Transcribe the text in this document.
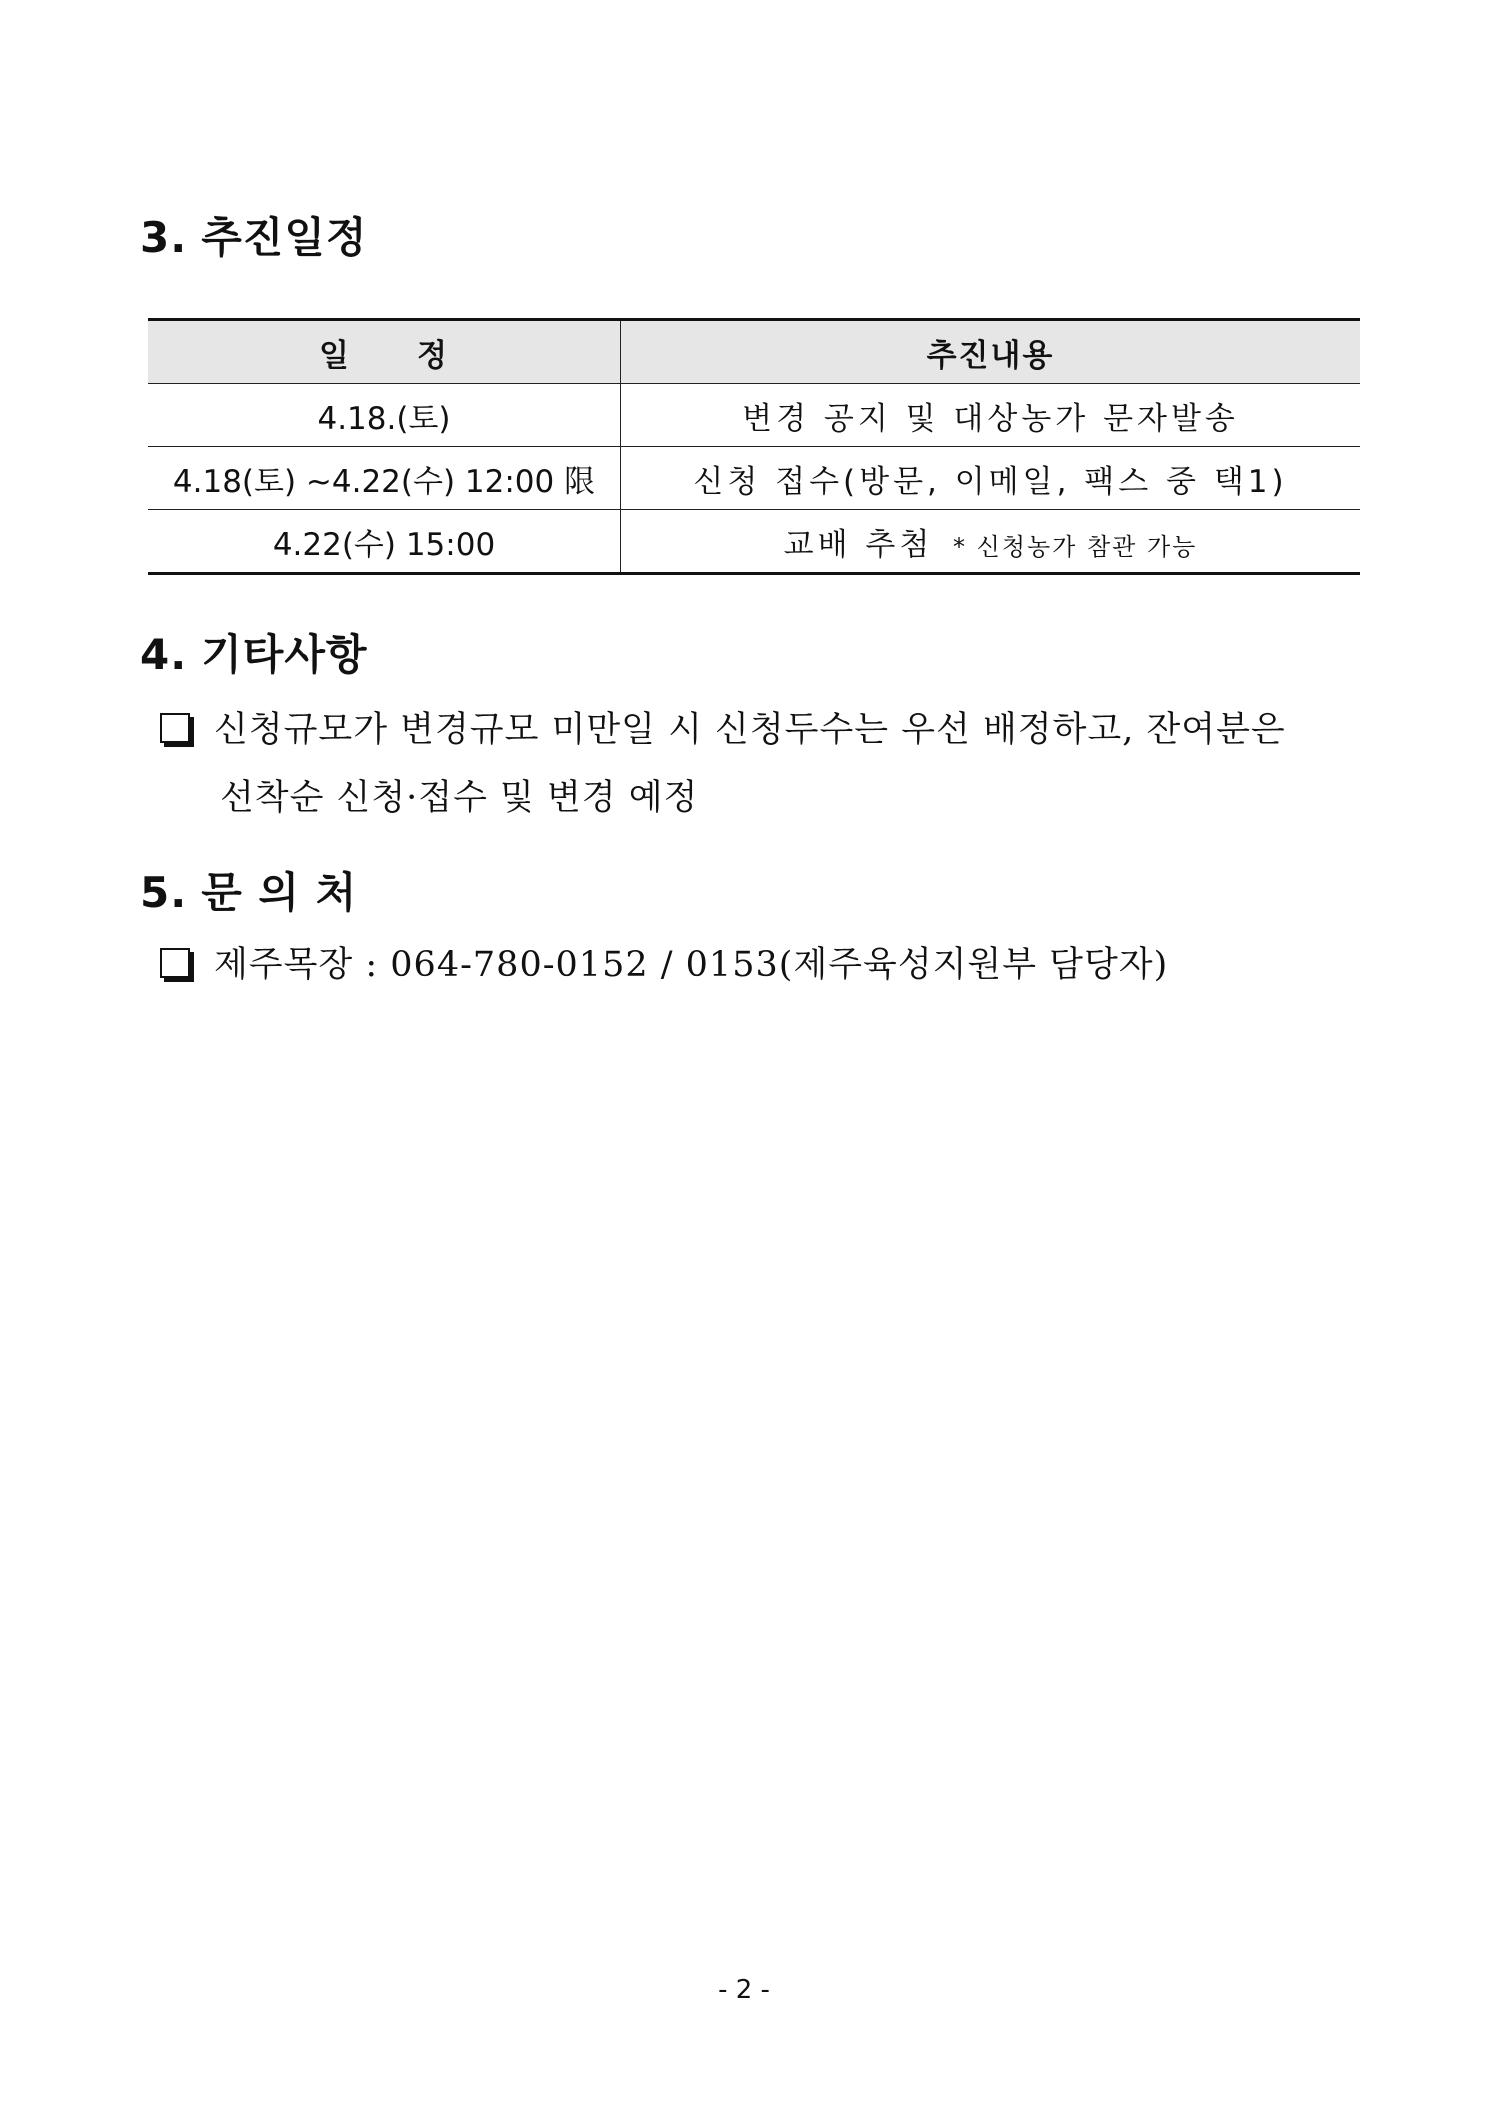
3. 추진일정
일　　정	추진내용
4.18.(토)	변경 공지 및 대상농가 문자발송
4.18(토) ~4.22(수) 12:00 限	신청 접수(방문, 이메일, 팩스 중 택1)
4.22(수) 15:00	교배 추첨 * 신청농가 참관 가능
4. 기타사항
신청규모가 변경규모 미만일 시 신청두수는 우선 배정하고, 잔여분은
선착순 신청·접수 및 변경 예정
5. 문 의 처
제주목장 : 064-780-0152 / 0153(제주육성지원부 담당자)
- 2 -
